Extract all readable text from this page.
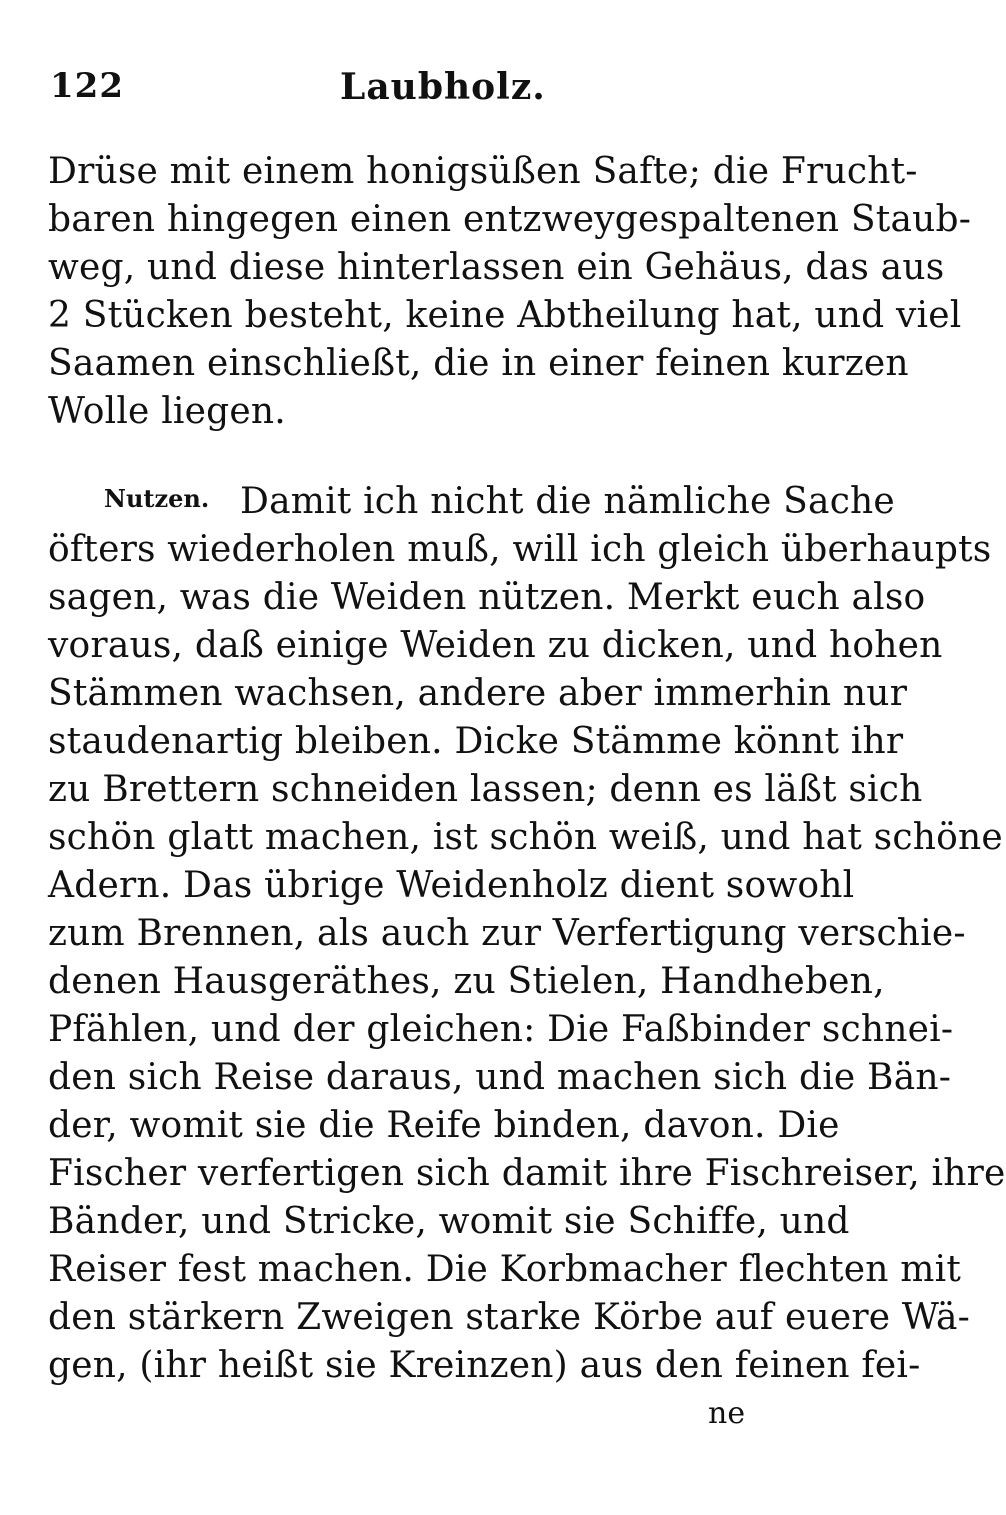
122	Laubholz.
Drüse mit einem honigsüßen Safte; die Frucht-
baren hingegen einen entzweygespaltenen Staub-
weg, und diese hinterlassen ein Gehäus, das aus
2 Stücken besteht, keine Abtheilung hat, und viel
Saamen einschließt, die in einer feinen kurzen
Wolle liegen.
Nutzen. Damit ich nicht die nämliche Sache
öfters wiederholen muß, will ich gleich überhaupts
sagen, was die Weiden nützen. Merkt euch also
voraus, daß einige Weiden zu dicken, und hohen
Stämmen wachsen, andere aber immerhin nur
staudenartig bleiben. Dicke Stämme könnt ihr
zu Brettern schneiden lassen; denn es läßt sich
schön glatt machen, ist schön weiß, und hat schöne
Adern. Das übrige Weidenholz dient sowohl
zum Brennen, als auch zur Verfertigung verschie-
denen Hausgeräthes, zu Stielen, Handheben,
Pfählen, und der gleichen: Die Faßbinder schnei-
den sich Reise daraus, und machen sich die Bän-
der, womit sie die Reife binden, davon. Die
Fischer verfertigen sich damit ihre Fischreiser, ihre
Bänder, und Stricke, womit sie Schiffe, und
Reiser fest machen. Die Korbmacher flechten mit
den stärkern Zweigen starke Körbe auf euere Wä-
gen, (ihr heißt sie Kreinzen) aus den feinen fei-
ne
